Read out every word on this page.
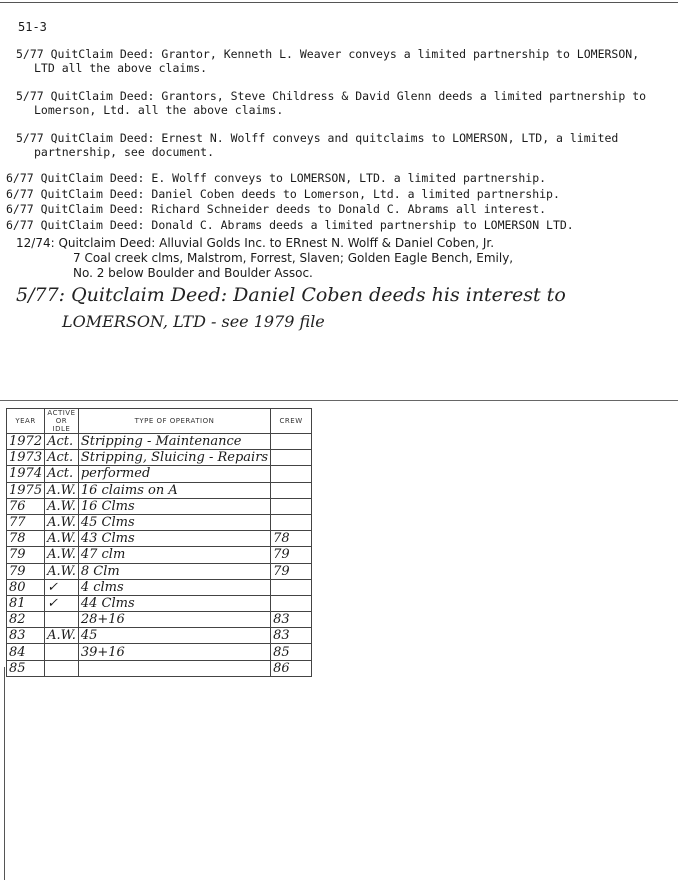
51-3
5/77 QuitClaim Deed: Grantor, Kenneth L. Weaver conveys a limited partnership to LOMERSON,
LTD all the above claims.
5/77 QuitClaim Deed: Grantors, Steve Childress & David Glenn deeds a limited partnership to
Lomerson, Ltd. all the above claims.
5/77 QuitClaim Deed: Ernest N. Wolff conveys and quitclaims to LOMERSON, LTD, a limited
partnership, see document.
6/77 QuitClaim Deed: E. Wolff conveys to LOMERSON, LTD. a limited partnership.
6/77 QuitClaim Deed: Daniel Coben deeds to Lomerson, Ltd. a limited partnership.
6/77 QuitClaim Deed: Richard Schneider deeds to Donald C. Abrams all interest.
6/77 QuitClaim Deed: Donald C. Abrams deeds a limited partnership to LOMERSON LTD.
12/74: Quitclaim Deed: Alluvial Golds Inc. to ERnest N. Wolff & Daniel Coben, Jr.
7 Coal creek clms, Malstrom, Forrest, Slaven; Golden Eagle Bench, Emily,
No. 2 below Boulder and Boulder Assoc.
5/77: Quitclaim Deed: Daniel Coben deeds his interest to
LOMERSON, LTD - see 1979 file
YEAR	ACTIVE OR IDLE	TYPE OF OPERATION	CREW
1972	Act.	Stripping - Maintenance	
1973	Act.	Stripping, Sluicing - Repairs	
1974	Act.	performed	
1975	A.W.	16 claims on A	
76	A.W.	16 Clms	
77	A.W.	45 Clms	
78	A.W.	43 Clms	78
79	A.W.	47 clm	79
79	A.W.	8 Clm	79
80	✓	4 clms	
81	✓	44 Clms	
82		28+16	83
83	A.W.	45	83
84		39+16	85
85			86
